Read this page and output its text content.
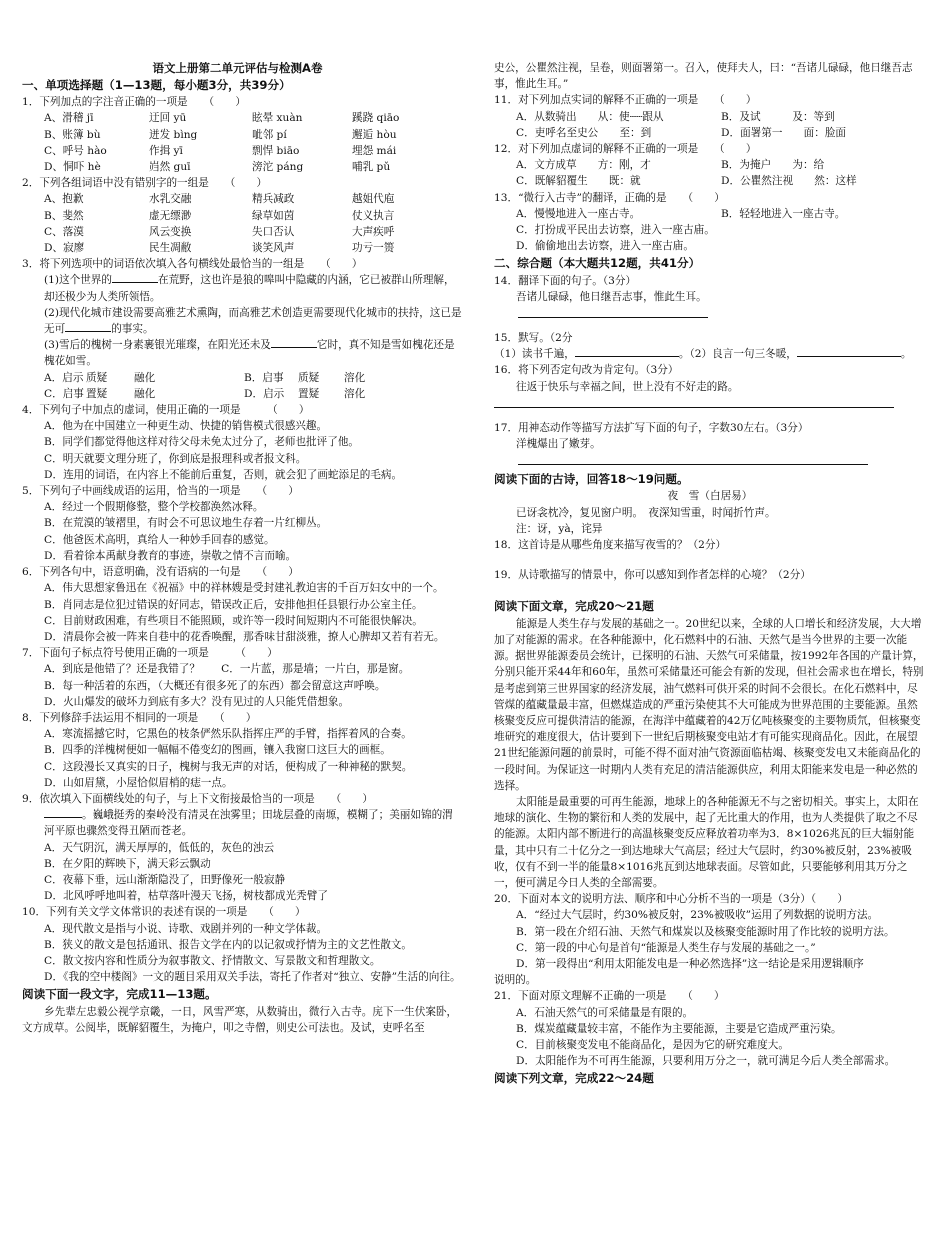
语文上册第二单元评估与检测A卷
一、单项选择题（1—13题，每小题3分，共39分）
1．下列加点的字注音正确的一项是　　（　　）
A、滑稽 jī	迂回 yū	眩晕 xuàn	蹊跷 qiāo
B、账簿 bù	迸发 bìng	呲邻 pí	邂逅 hòu
C、呼号 hào	作揖 yī	剽悍 biāo	埋怨 mái
D、恫吓 hè	岿然 guī	滂沱 páng	哺乳 pǔ
2．下列各组词语中没有错别字的一组是　　（　　）
A、抱歉	水乳交融	精兵减政	越姐代庖
B、斐然	虚无缥渺	绿草如茵	仗义执言
C、落漠	风云变换	失口否认	大声疾呼
D、寂廖	民生凋敝	谈笑风声	功亏一篑
3．将下列选项中的词语依次填入各句横线处最恰当的一组是　　（　　）
(1)这个世界的	在荒野，这也许是狼的嗥叫中隐藏的内涵，它已被群山所理解，却还极少为人类所领悟。
(2)现代化城市建设需要高雅艺术熏陶，而高雅艺术创造更需要现代化城市的扶持，这已是无可	的事实。
(3)雪后的槐树一身素裹银光璀璨，在阳光还未及	它时，真不知是雪如槐花还是槐花如雪。
A．启示 质疑	融化	B．启事	质疑	溶化
C．启事 置疑	融化	D．启示	置疑	溶化
4．下列句子中加点的虚词，使用正确的一项是　　　（　　）
A．他为在中国建立一种更生动、快捷的销售模式很感兴趣。
B．同学们都觉得他这样对待父母未免太过分了，老师也批评了他。
C．明天就要文理分班了，你到底是报理科或者报文科。
D．连用的词语，在内容上不能前后重复，否则，就会犯了画蛇添足的毛病。
5．下列句子中画线成语的运用，恰当的一项是　　（　　）
A．经过一个假期修整，整个学校都涣然冰释。
B．在荒漠的皱褶里，有时会不可思议地生存着一片红柳丛。
C．他爸医术高明，真给人一种妙手回春的感觉。
D．看着徐本禹献身教育的事迹，崇敬之情不言而喻。
6．下列各句中，语意明确，没有语病的一句是　　（　　）
A．伟大思想家鲁迅在《祝福》中的祥林嫂是受封建礼教迫害的千百万妇女中的一个。
B．肖同志是位犯过错误的好同志，错误改正后，安排他担任县银行办公室主任。
C．目前财政困难，有些项目不能照顾，或许等一段时间短期内不可能很快解决。
D．清晨你会被一阵来自巷中的花香唤醒，那香味甘甜淡雅，撩人心脾却又若有若无。
7．下面句子标点符号使用正确的一项是　　　（　　）
A．到底是他错了？还是我错了？　　C．一片蓝，那是墙；一片白，那是窗。
B．每一种活着的东西，（大概还有很多死了的东西）都会留意这声呼唤。
D．火山爆发的破坏力到底有多大？没有见过的人只能凭借想象。
8．下列修辞手法运用不相同的一项是　　（　　）
A．寒流摇撼它时，它黑色的枝条俨然乐队指挥庄严的手臂，指挥着风的合奏。
B．四季的洋槐树便如一幅幅不倦变幻的图画，镶入我窗口这巨大的画框。
C．这段漫长又真实的日子，槐树与我无声的对话，便构成了一种神秘的默契。
D．山如眉黛，小屋恰似眉梢的痣一点。
9．依次填入下面横线处的句子，与上下文衔接最恰当的一项是　　（　　）
。巍峨挺秀的秦岭没有清灵在浊雾里；田垅层叠的南塬，模糊了；美丽如锦的渭河平原也骤然变得丑陋而苍老。
A．天气阴沉，满天厚厚的，低低的，灰色的浊云
B．在夕阳的辉映下，满天彩云飘动
C．夜幕下垂，远山渐渐隐没了，田野像死一般寂静
D．北风呼呼地叫着，枯草落叶漫天飞扬，树枝都成光秃臂了
10．下列有关文学文体常识的表述有误的一项是　　（　　）
A．现代散文是指与小说、诗歌、戏剧并列的一种文学体裁。
B．狭义的散文是包括通讯、报告文学在内的以记叙或抒情为主的文艺性散文。
C．散文按内容和性质分为叙事散文、抒情散文、写景散文和哲理散文。
D．《我的空中楼阁》一文的题目采用双关手法，寄托了作者对“独立、安静”生活的向往。
阅读下面一段文字，完成11—13题。
乡先辈左忠毅公视学京畿，一日，风雪严寒，从数骑出，微行入古寺。庑下一生伏案卧，文方成草。公阅毕，既解貂覆生，为掩户，叩之寺僧，则史公可法也。及试，吏呼名至
史公，公瞿然注视，呈卷，则面署第一。召入，使拜夫人，曰：“吾诸儿碌碌，他日继吾志事，惟此生耳。”
11．对下列加点实词的解释不正确的一项是　　（　　）
A．从数骑出　　从：使┄┄跟从	B．及试　　　及：等到
C．吏呼名至史公　　至：到	D．面署第一　　面：脸面
12．对下列加点虚词的解释不正确的一项是　　（　　）
A．文方成草　　方：刚，才	B．为掩户　　为：给
C．既解貂覆生　　既：就	D．公瞿然注视　　然：这样
13．“微行入古寺”的翻译，正确的是　　（　　）
A．慢慢地进入一座古寺。	B．轻轻地进入一座古寺。
C．打扮成平民出去访察，进入一座古庙。
D．偷偷地出去访察，进入一座古庙。
二、综合题（本大题共12题，共41分）
14．翻译下面的句子。（3分）
吾诸儿碌碌，他日继吾志事，惟此生耳。
15．默写。（2分
（1）读书千遍，	。（2）良言一句三冬暖，	。
16．将下列否定句改为肯定句。（3分）
往返于快乐与幸福之间，世上没有不好走的路。
17．用神态动作等描写方法扩写下面的句子，字数30左右。（3分）
洋槐爆出了嫩芽。
阅读下面的古诗，回答18～19问题。
夜　雪（白居易）
已讶衾枕冷，复见窗户明。　夜深知雪重，时闻折竹声。
注：讶，yà，诧异
18．这首诗是从哪些角度来描写夜雪的？（2分）
19．从诗歌描写的情景中，你可以感知到作者怎样的心境？（2分）
阅读下面文章，完成20～21题
能源是人类生存与发展的基础之一。20世纪以来，全球的人口增长和经济发展，大大增加了对能源的需求。在各种能源中，化石燃料中的石油、天然气是当今世界的主要一次能源。据世界能源委员会统计，已探明的石油、天然气可采储量，按1992年各国的产量计算，分别只能开采44年和60年，虽然可采储量还可能会有新的发现，但社会需求也在增长，特别是考虑到第三世界国家的经济发展，油气燃料可供开采的时间不会很长。在化石燃料中，尽管煤的蕴藏量最丰富，但燃煤造成的严重污染使其不大可能成为世界范围的主要能源。虽然核聚变反应可提供清洁的能源，在海洋中蕴藏着的42万亿吨核聚变的主要物质氘，但核聚变堆研究的难度很大，估计要到下一世纪后期核聚变电站才有可能实现商品化。因此，在展望21世纪能源问题的前景时，可能不得不面对油气资源面临枯竭、核聚变发电又未能商品化的一段时间。为保证这一时期内人类有充足的清洁能源供应，利用太阳能来发电是一种必然的选择。
太阳能是最重要的可再生能源，地球上的各种能源无不与之密切相关。事实上，太阳在地球的演化、生物的繁衍和人类的发展中，起了无比重大的作用，也为人类提供了取之不尽的能源。太阳内部不断进行的高温核聚变反应释放着功率为3．8×1026兆瓦的巨大辐射能量，其中只有二十亿分之一到达地球大气高层；经过大气层时，约30%被反射，23%被吸收，仅有不到一半的能量8×1016兆瓦到达地球表面。尽管如此，只要能够利用其万分之一，便可满足今日人类的全部需要。
20．下面对本文的说明方法、顺序和中心分析不当的一项是（3分）（　　）
A．“经过大气层时，约30%被反射，23%被吸收”运用了列数据的说明方法。
B．第一段在介绍石油、天然气和煤炭以及核聚变能源时用了作比较的说明方法。
C．第一段的中心句是首句“能源是人类生存与发展的基础之一。”
D．第一段得出“利用太阳能发电是一种必然选择”这一结论是采用逻辑顺序
说明的。
21．下面对原文理解不正确的一项是　　（　　）
A．石油天然气的可采储量是有限的。
B．煤炭蕴藏量较丰富，不能作为主要能源，主要是它造成严重污染。
C．目前核聚变发电不能商品化，是因为它的研究难度大。
D．太阳能作为不可再生能源，只要利用万分之一，就可满足今后人类全部需求。
阅读下列文章，完成22～24题
